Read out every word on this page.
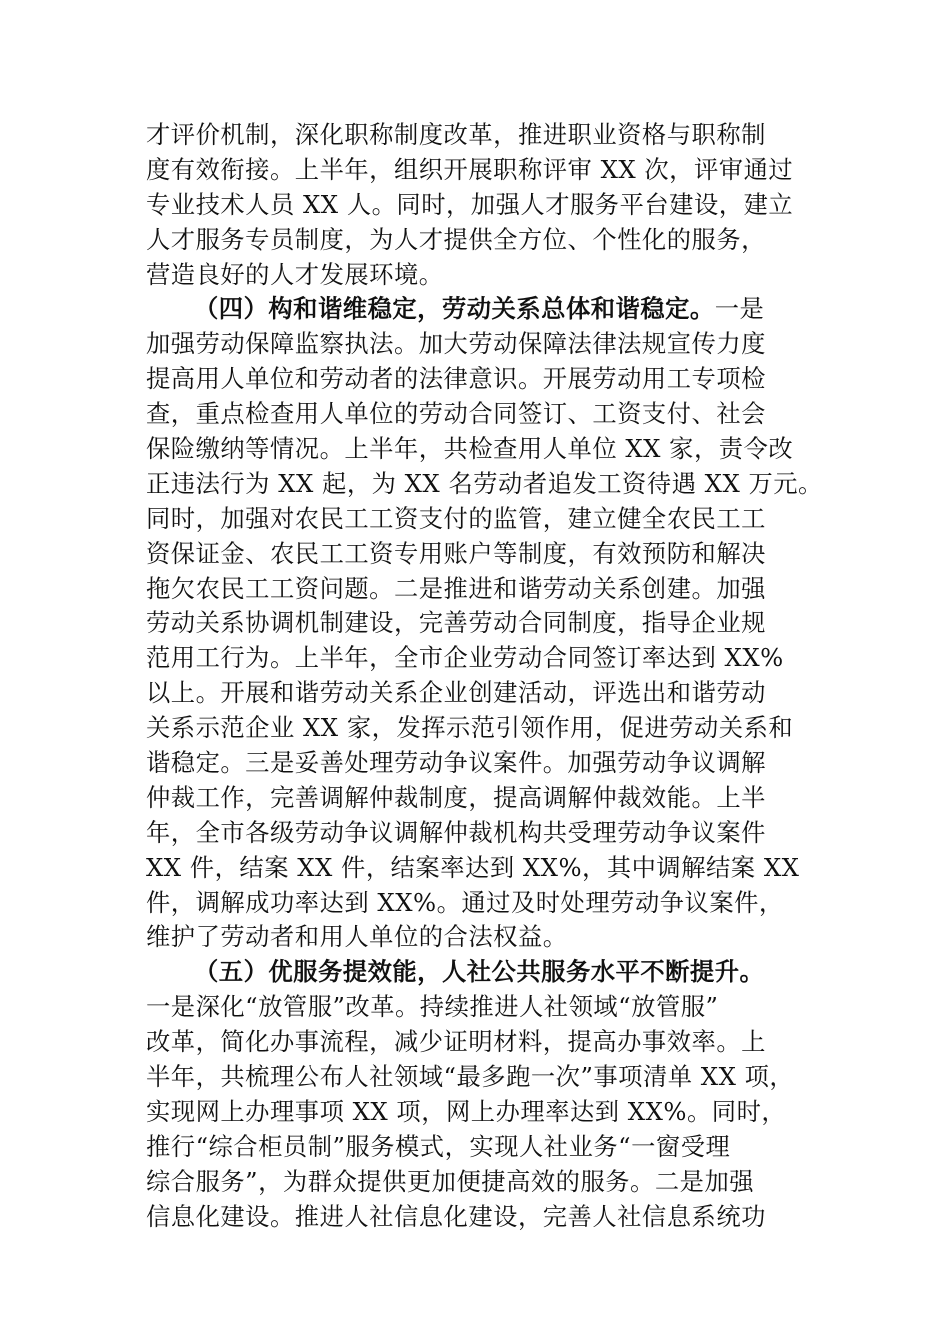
才评价机制，深化职称制度改革，推进职业资格与职称制
度有效衔接。上半年，组织开展职称评审 XX 次，评审通过
专业技术人员 XX 人。同时，加强人才服务平台建设，建立
人才服务专员制度，为人才提供全方位、个性化的服务，
营造良好的人才发展环境。
（四）构和谐维稳定，劳动关系总体和谐稳定。一是
加强劳动保障监察执法。加大劳动保障法律法规宣传力度
提高用人单位和劳动者的法律意识。开展劳动用工专项检
查，重点检查用人单位的劳动合同签订、工资支付、社会
保险缴纳等情况。上半年，共检查用人单位 XX 家，责令改
正违法行为 XX 起，为 XX 名劳动者追发工资待遇 XX 万元。
同时，加强对农民工工资支付的监管，建立健全农民工工
资保证金、农民工工资专用账户等制度，有效预防和解决
拖欠农民工工资问题。二是推进和谐劳动关系创建。加强
劳动关系协调机制建设，完善劳动合同制度，指导企业规
范用工行为。上半年，全市企业劳动合同签订率达到 XX%
以上。开展和谐劳动关系企业创建活动，评选出和谐劳动
关系示范企业 XX 家，发挥示范引领作用，促进劳动关系和
谐稳定。三是妥善处理劳动争议案件。加强劳动争议调解
仲裁工作，完善调解仲裁制度，提高调解仲裁效能。上半
年，全市各级劳动争议调解仲裁机构共受理劳动争议案件
XX 件，结案 XX 件，结案率达到 XX%，其中调解结案 XX
件，调解成功率达到 XX%。通过及时处理劳动争议案件，
维护了劳动者和用人单位的合法权益。
（五）优服务提效能，人社公共服务水平不断提升。
一是深化“放管服”改革。持续推进人社领域“放管服”
改革，简化办事流程，减少证明材料，提高办事效率。上
半年，共梳理公布人社领域“最多跑一次”事项清单 XX 项，
实现网上办理事项 XX 项，网上办理率达到 XX%。同时，
推行“综合柜员制”服务模式，实现人社业务“一窗受理
综合服务”，为群众提供更加便捷高效的服务。二是加强
信息化建设。推进人社信息化建设，完善人社信息系统功
